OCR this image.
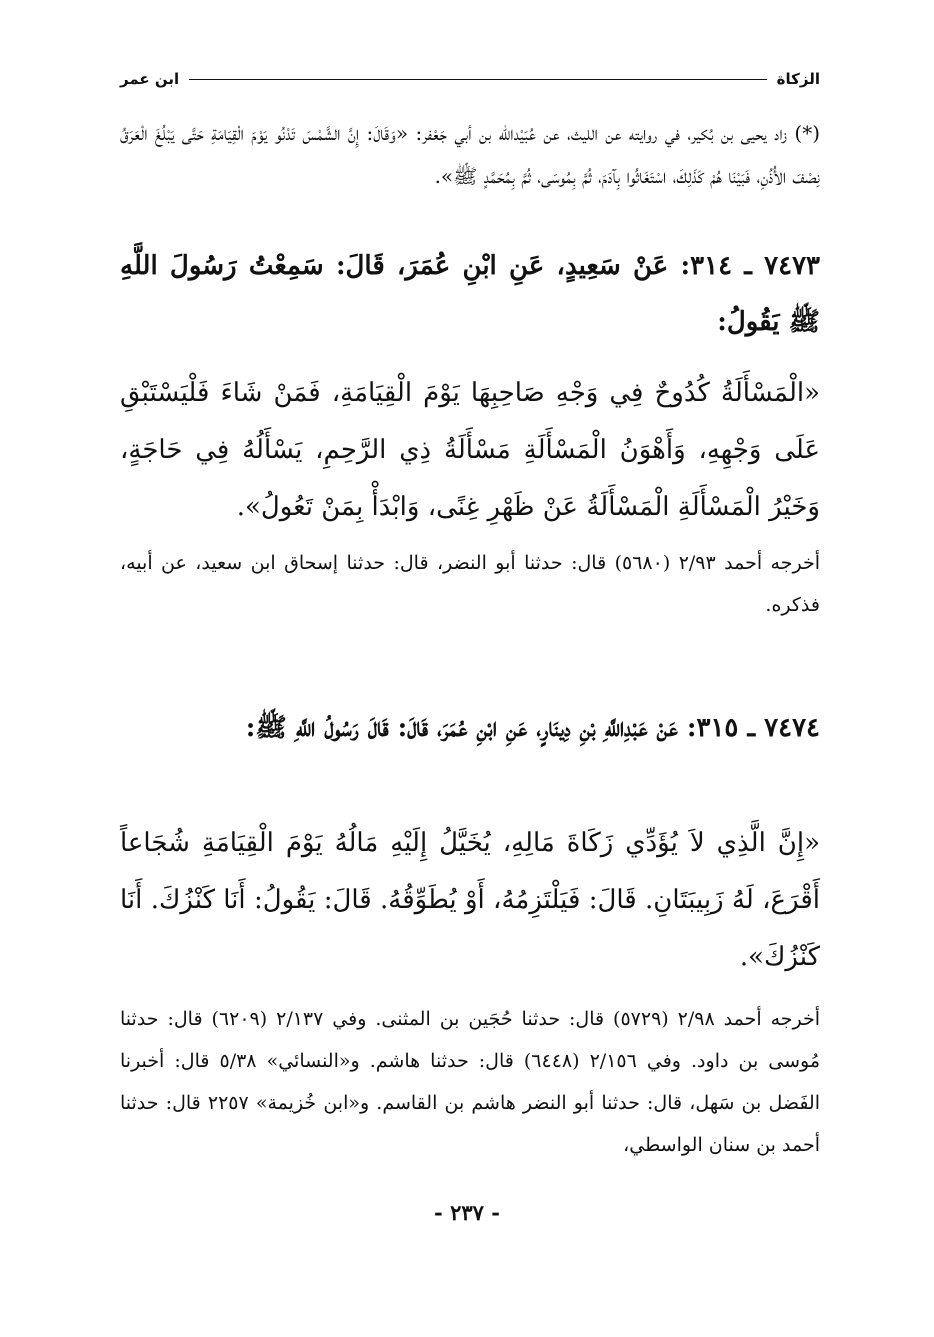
الزكاة
ابن عمر
(*) زاد يحيى بن بُكير، في روايته عن الليث، عن عُبَيْدالله بن أبي جَعْفر: «وَقَالَ: إِنَّ الشَّمْسَ تَدْنُو يَوْمَ الْقِيَامَةِ حَتَّى يَبْلُغَ الْعَرَقُ نِصْفَ الأُذُنِ، فَبَيْنَا هُمْ كَذَلِكَ، اسْتَغَاثُوا بِآدَمَ، ثُمَّ بِمُوسَى، ثُمَّ بِمُحَمَّدٍ ﷺ».
٧٤٧٣ ـ ٣١٤: عَنْ سَعِيدٍ، عَنِ ابْنِ عُمَرَ، قَالَ: سَمِعْتُ رَسُولَ اللَّهِ ﷺ يَقُولُ:
«الْمَسْأَلَةُ كُدُوحٌ فِي وَجْهِ صَاحِبِهَا يَوْمَ الْقِيَامَةِ، فَمَنْ شَاءَ فَلْيَسْتَبْقِ عَلَى وَجْهِهِ، وَأَهْوَنُ الْمَسْأَلَةِ مَسْأَلَةُ ذِي الرَّحِمِ، يَسْأَلُهُ فِي حَاجَةٍ، وَخَيْرُ الْمَسْأَلَةِ الْمَسْأَلَةُ عَنْ ظَهْرِ غِنًى، وَابْدَأْ بِمَنْ تَعُولُ».
أخرجه أحمد ٢/٩٣ (٥٦٨٠) قال: حدثنا أبو النضر، قال: حدثنا إسحاق ابن سعيد، عن أبيه، فذكره.
٧٤٧٤ ـ ٣١٥: عَنْ عَبْدِاللَّهِ بْنِ دِينَارٍ، عَنِ ابْنِ عُمَرَ، قَالَ: قَالَ رَسُولُ اللَّهِ ﷺ:
«إِنَّ الَّذِي لاَ يُؤَدِّي زَكَاةَ مَالِهِ، يُخَيَّلُ إِلَيْهِ مَالُهُ يَوْمَ الْقِيَامَةِ شُجَاعاً أَقْرَعَ، لَهُ زَبِيبَتَانِ. قَالَ: فَيَلْتَزِمُهُ، أَوْ يُطَوِّقُهُ. قَالَ: يَقُولُ: أَنَا كَنْزُكَ. أَنَا كَنْزُكَ».
أخرجه أحمد ٢/٩٨ (٥٧٢٩) قال: حدثنا حُجَين بن المثنى. وفي ٢/١٣٧ (٦٢٠٩) قال: حدثنا مُوسى بن داود. وفي ٢/١٥٦ (٦٤٤٨) قال: حدثنا هاشم. و«النسائي» ٥/٣٨ قال: أخبرنا الفَضل بن سَهل، قال: حدثنا أبو النضر هاشم بن القاسم. و«ابن خُزيمة» ٢٢٥٧ قال: حدثنا أحمد بن سنان الواسطي،
- ٢٣٧ -
